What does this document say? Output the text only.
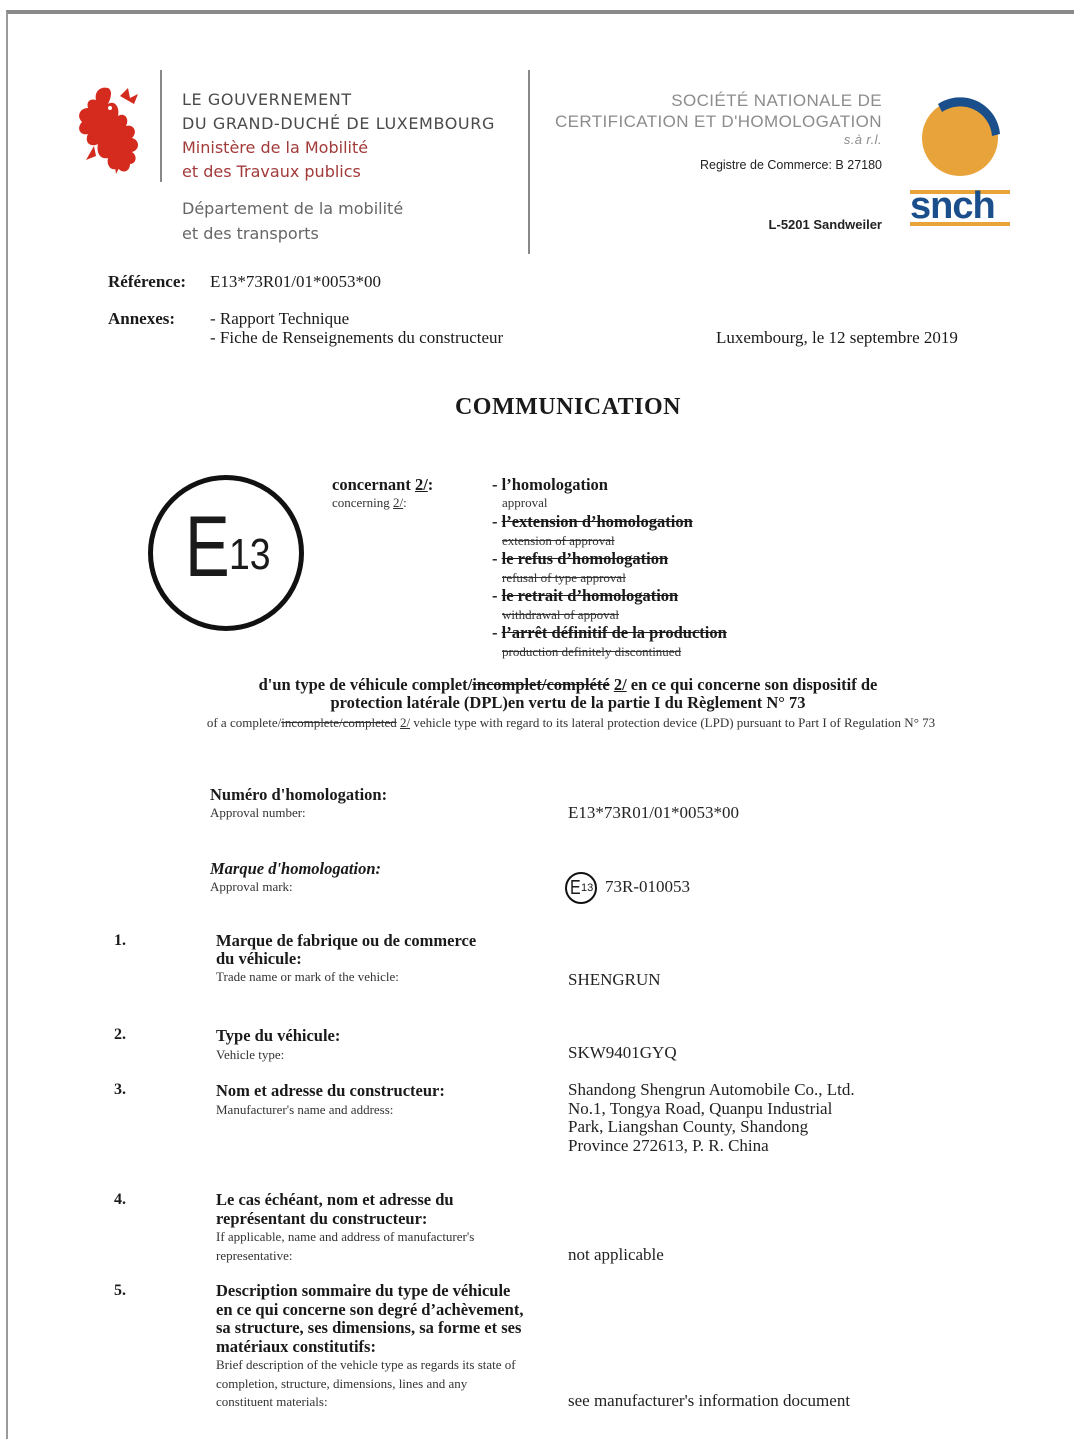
LE GOUVERNEMENT
DU GRAND-DUCHÉ DE LUXEMBOURG
Ministère de la Mobilité
et des Travaux publics
Département de la mobilité
et des transports
SOCIÉTÉ NATIONALE DE
CERTIFICATION ET D'HOMOLOGATION
s.à r.l.
Registre de Commerce: B 27180
L-5201 Sandweiler snch
Référence: E13*73R01/01*0053*00
Annexes: - Rapport Technique
- Fiche de Renseignements du constructeur	Luxembourg, le 12 septembre 2019
COMMUNICATION
E 13
concernant 2/:
concerning 2/:
- l’homologation
approval
- l’extension d’homologation
extension of approval
- le refus d’homologation
refusal of type approval
- le retrait d’homologation
withdrawal of appoval
- l’arrêt définitif de la production
production definitely discontinued
d'un type de véhicule complet/incomplet/complété 2/ en ce qui concerne son dispositif de
protection latérale (DPL)en vertu de la partie I du Règlement N° 73
of a complete/incomplete/completed 2/ vehicle type with regard to its lateral protection device (LPD) pursuant to Part I of Regulation N° 73
Numéro d'homologation:
Approval number:	E13*73R01/01*0053*00
Marque d'homologation:
Approval mark:	E 13 73R-010053
1.	Marque de fabrique ou de commerce
du véhicule:
Trade name or mark of the vehicle:	SHENGRUN
2.	Type du véhicule:
Vehicle type:	SKW9401GYQ
3.	Nom et adresse du constructeur:
Manufacturer's name and address:
Shandong Shengrun Automobile Co., Ltd.
No.1, Tongya Road, Quanpu Industrial
Park, Liangshan County, Shandong
Province 272613, P. R. China
4.	Le cas échéant, nom et adresse du
représentant du constructeur:
If applicable, name and address of manufacturer's
representative:	not applicable
5.	Description sommaire du type de véhicule
en ce qui concerne son degré d’achèvement,
sa structure, ses dimensions, sa forme et ses
matériaux constitutifs:
Brief description of the vehicle type as regards its state of
completion, structure, dimensions, lines and any
constituent materials:	see manufacturer's information document
